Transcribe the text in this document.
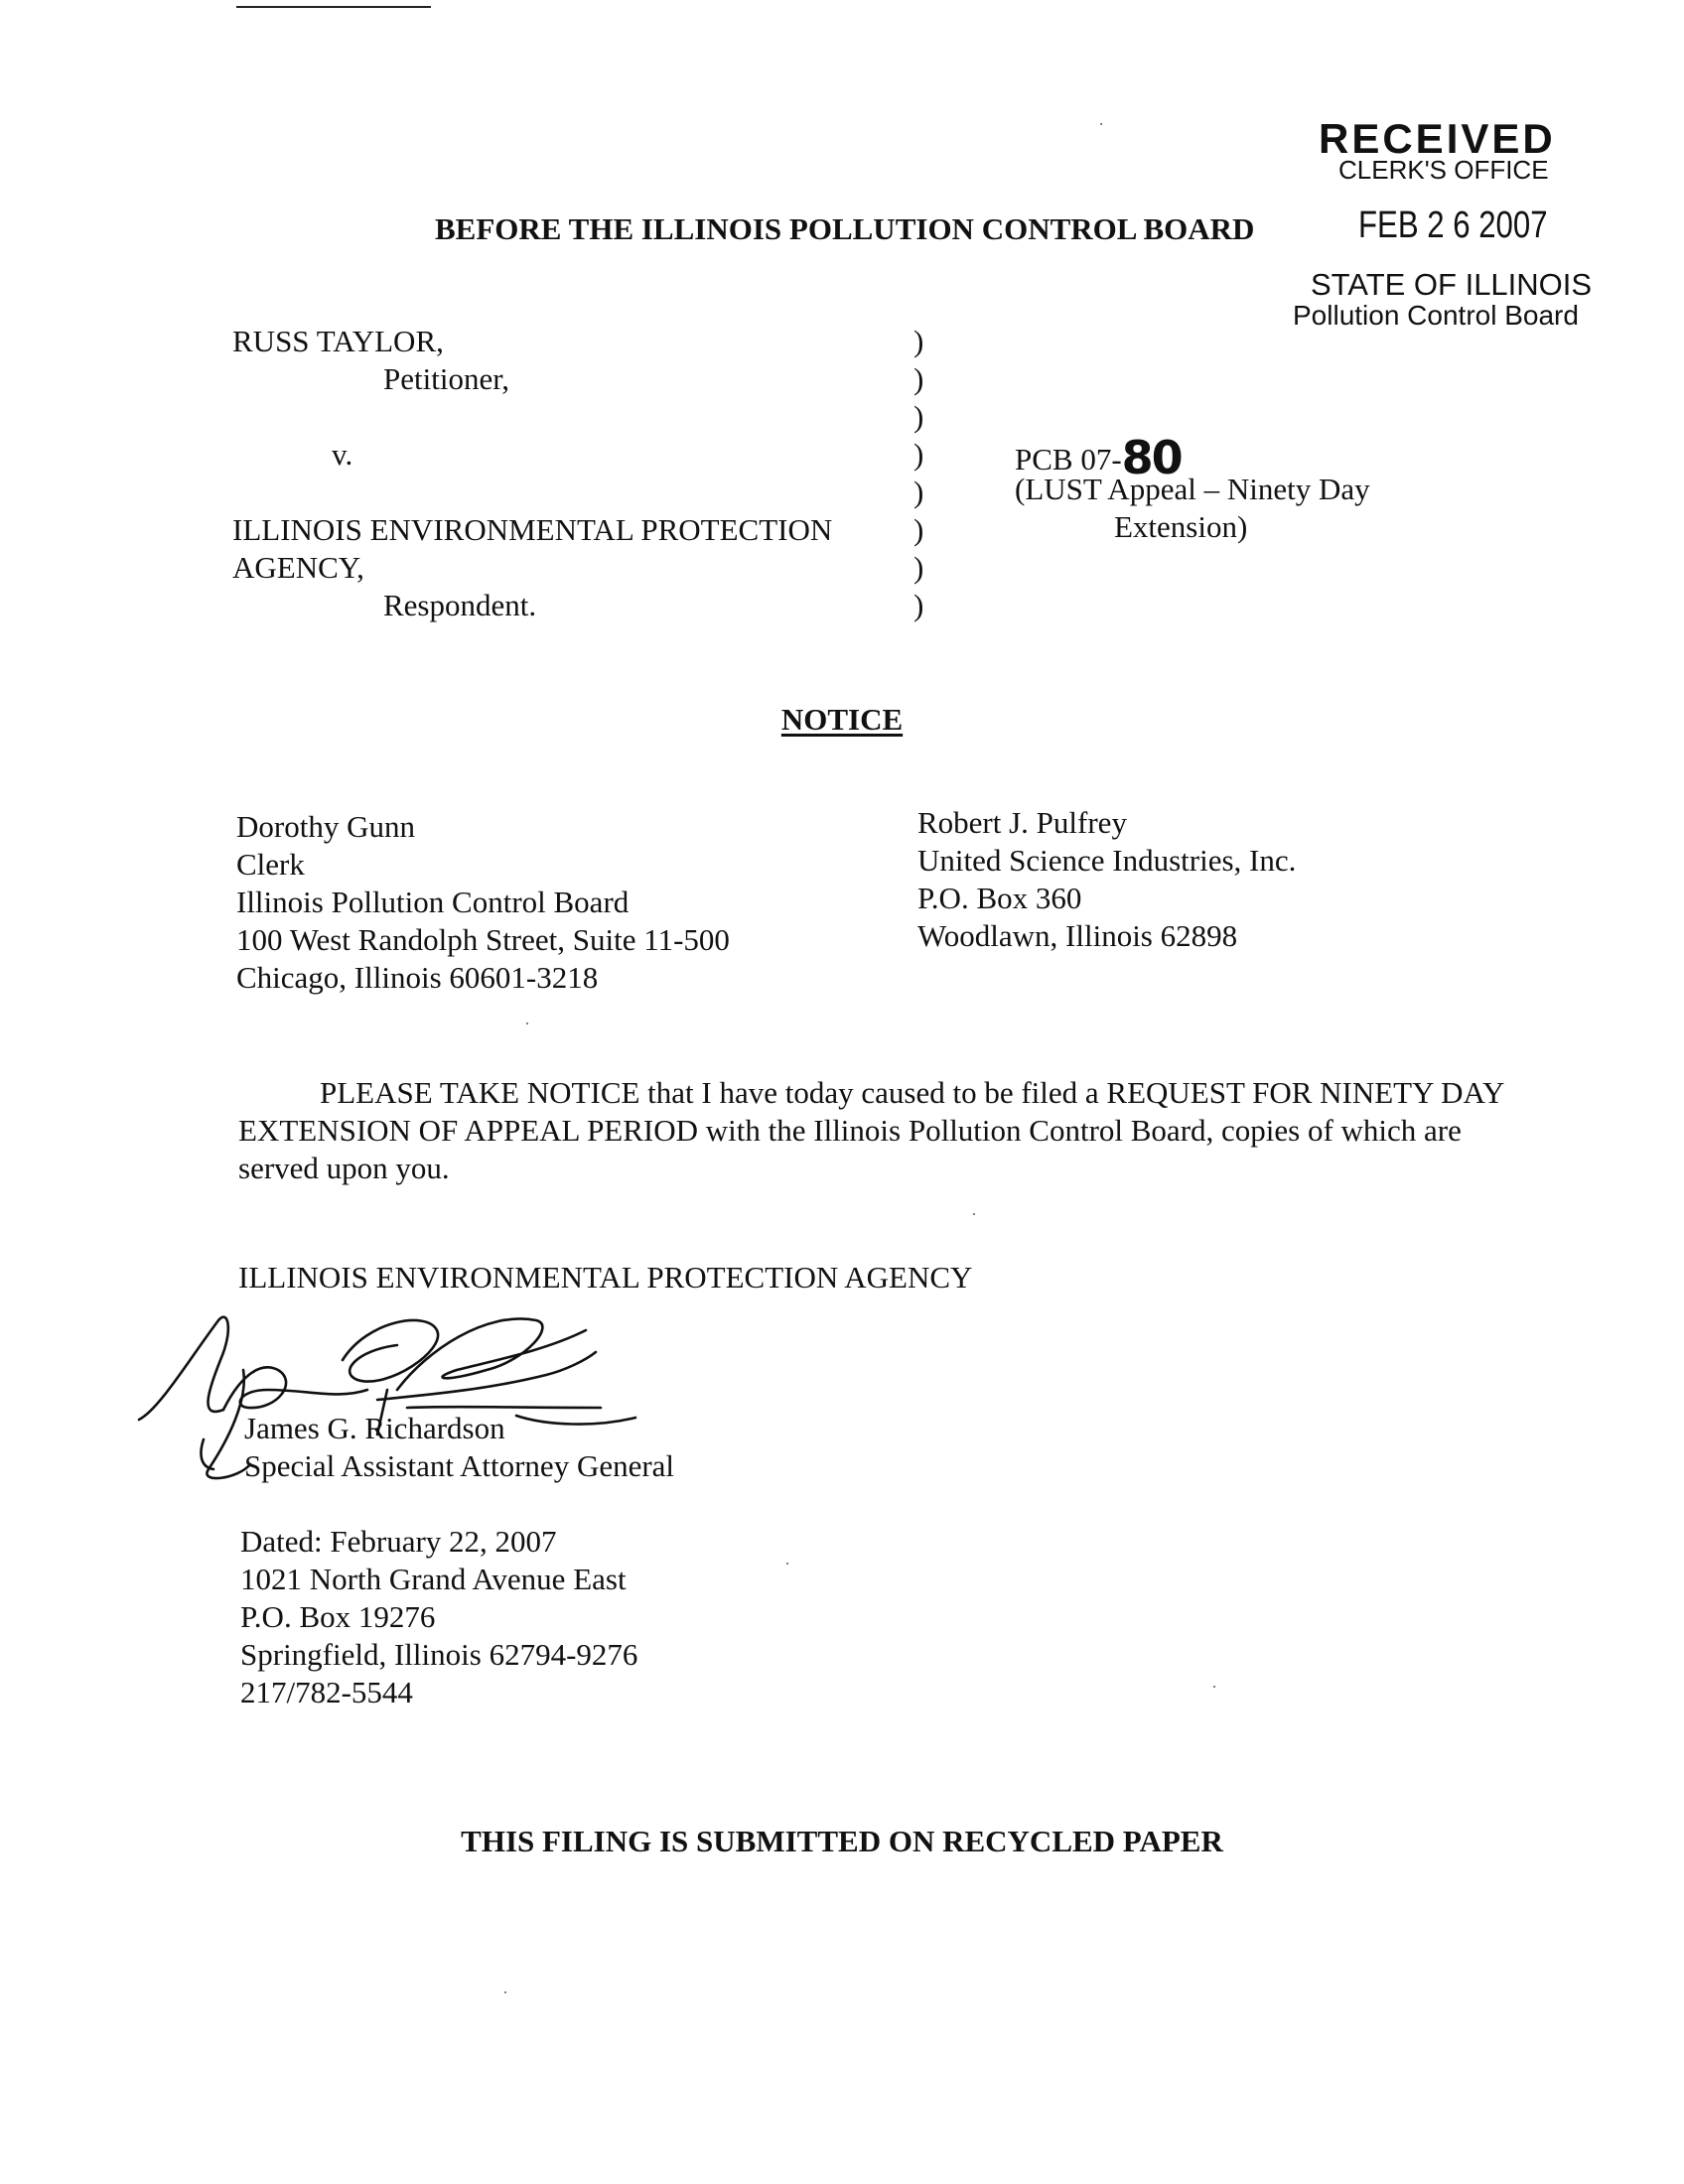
RECEIVED
CLERK'S OFFICE
FEB 2 6 2007
STATE OF ILLINOIS
Pollution Control Board
BEFORE THE ILLINOIS POLLUTION CONTROL BOARD
RUSS TAYLOR,
Petitioner,
v.
ILLINOIS ENVIRONMENTAL PROTECTION
AGENCY,
Respondent.
)
)
)
)
)
)
)
)
PCB 07-80
(LUST Appeal – Ninety Day
Extension)
NOTICE
Dorothy Gunn
Clerk
Illinois Pollution Control Board
100 West Randolph Street, Suite 11-500
Chicago, Illinois 60601-3218
Robert J. Pulfrey
United Science Industries, Inc.
P.O. Box 360
Woodlawn, Illinois 62898
PLEASE TAKE NOTICE that I have today caused to be filed a REQUEST FOR NINETY DAY EXTENSION OF APPEAL PERIOD with the Illinois Pollution Control Board, copies of which are served upon you.
ILLINOIS ENVIRONMENTAL PROTECTION AGENCY
James G. Richardson
Special Assistant Attorney General
Dated: February 22, 2007
1021 North Grand Avenue East
P.O. Box 19276
Springfield, Illinois 62794-9276
217/782-5544
THIS FILING IS SUBMITTED ON RECYCLED PAPER
